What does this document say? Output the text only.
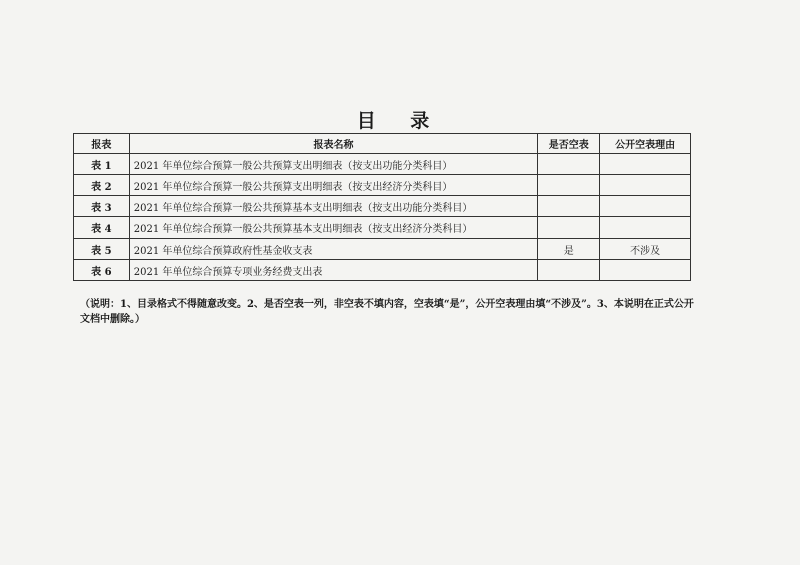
目 录
报表	报表名称	是否空表	公开空表理由
表 1	2021 年单位综合预算一般公共预算支出明细表（按支出功能分类科目）		
表 2	2021 年单位综合预算一般公共预算支出明细表（按支出经济分类科目）		
表 3	2021 年单位综合预算一般公共预算基本支出明细表（按支出功能分类科目）		
表 4	2021 年单位综合预算一般公共预算基本支出明细表（按支出经济分类科目）		
表 5	2021 年单位综合预算政府性基金收支表	是	不涉及
表 6	2021 年单位综合预算专项业务经费支出表		
（说明：1、目录格式不得随意改变。2、是否空表一列，非空表不填内容，空表填“是”，公开空表理由填“不涉及”。3、本说明在正式公开文档中删除。）
